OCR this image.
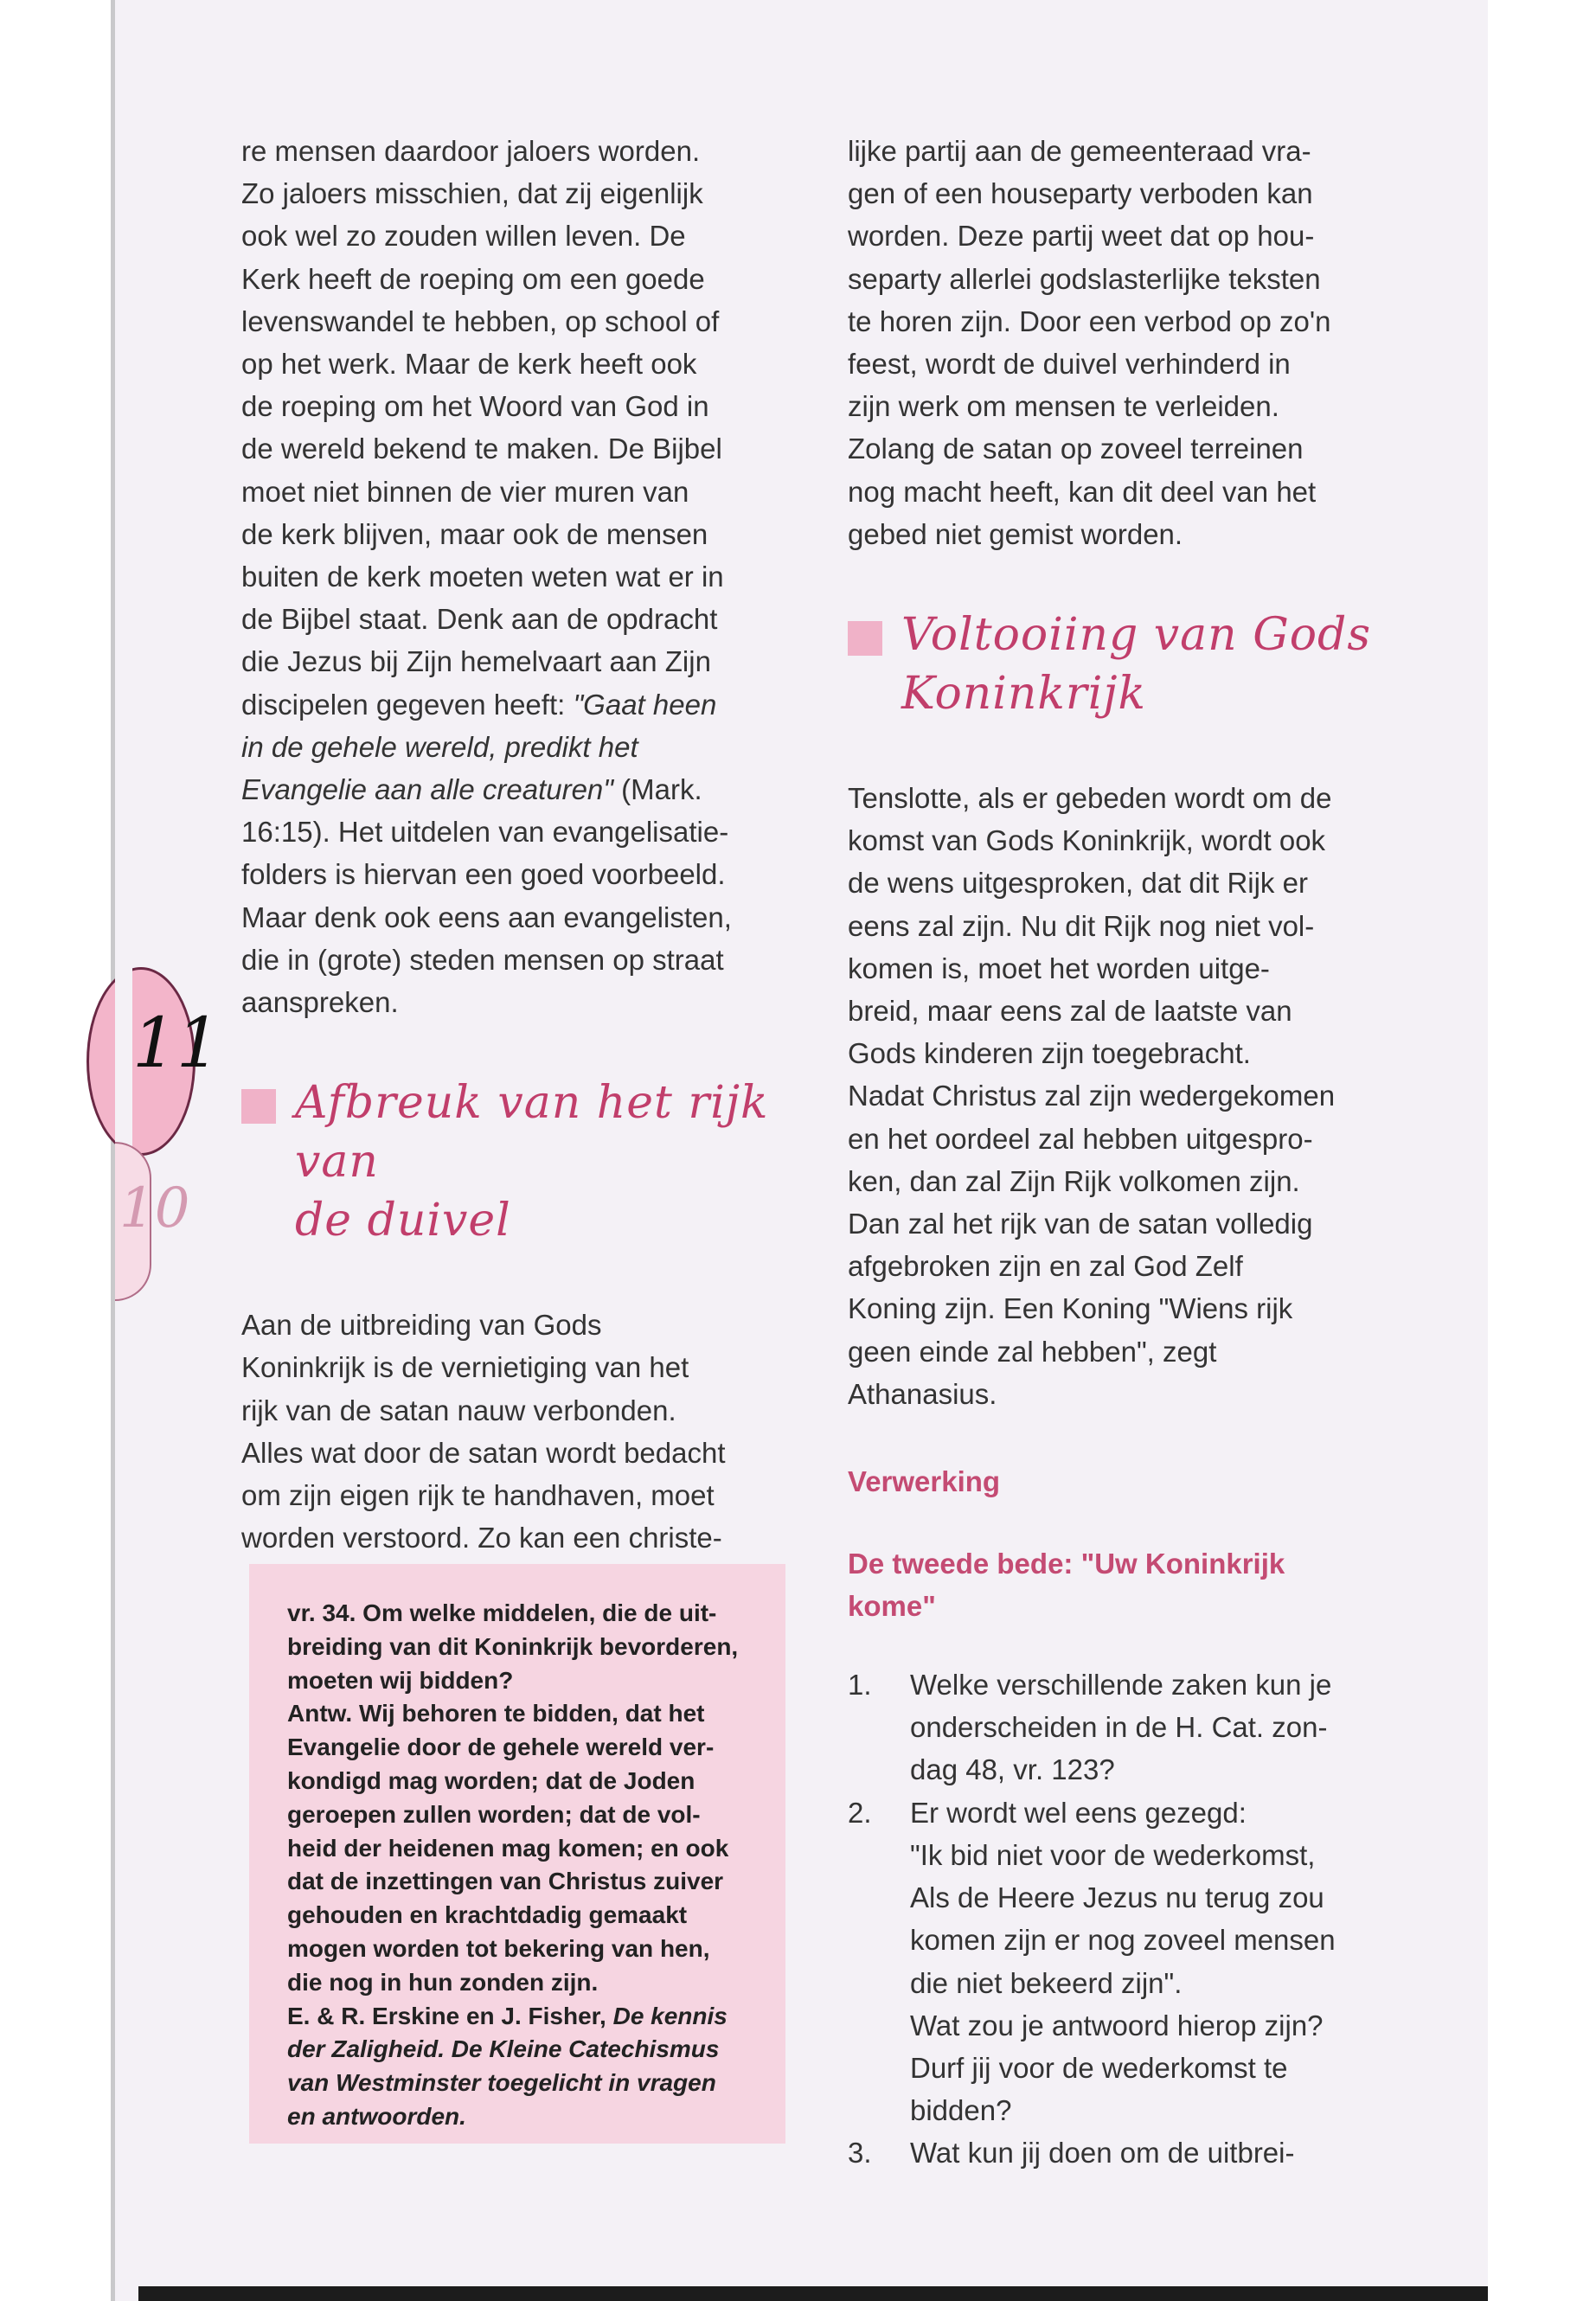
11
10

re mensen daardoor jaloers worden.
Zo jaloers misschien, dat zij eigenlijk
ook wel zo zouden willen leven. De
Kerk heeft de roeping om een goede
levenswandel te hebben, op school of
op het werk. Maar de kerk heeft ook
de roeping om het Woord van God in
de wereld bekend te maken. De Bijbel
moet niet binnen de vier muren van
de kerk blijven, maar ook de mensen
buiten de kerk moeten weten wat er in
de Bijbel staat. Denk aan de opdracht
die Jezus bij Zijn hemelvaart aan Zijn
discipelen gegeven heeft: "Gaat heen
in de gehele wereld, predikt het
Evangelie aan alle creaturen" (Mark.
16:15). Het uitdelen van evangelisatie-
folders is hiervan een goed voorbeeld.
Maar denk ook eens aan evangelisten,
die in (grote) steden mensen op straat
aanspreken.

Afbreuk van het rijk van
de duivel

Aan de uitbreiding van Gods
Koninkrijk is de vernietiging van het
rijk van de satan nauw verbonden.
Alles wat door de satan wordt bedacht
om zijn eigen rijk te handhaven, moet
worden verstoord. Zo kan een christe-

vr. 34. Om welke middelen, die de uit-
breiding van dit Koninkrijk bevorderen,
moeten wij bidden?
Antw. Wij behoren te bidden, dat het
Evangelie door de gehele wereld ver-
kondigd mag worden; dat de Joden
geroepen zullen worden; dat de vol-
heid der heidenen mag komen; en ook
dat de inzettingen van Christus zuiver
gehouden en krachtdadig gemaakt
mogen worden tot bekering van hen,
die nog in hun zonden zijn.
E. & R. Erskine en J. Fisher, De kennis
der Zaligheid. De Kleine Catechismus
van Westminster toegelicht in vragen
en antwoorden.

lijke partij aan de gemeenteraad vra-
gen of een houseparty verboden kan
worden. Deze partij weet dat op hou-
separty allerlei godslasterlijke teksten
te horen zijn. Door een verbod op zo'n
feest, wordt de duivel verhinderd in
zijn werk om mensen te verleiden.
Zolang de satan op zoveel terreinen
nog macht heeft, kan dit deel van het
gebed niet gemist worden.

Voltooiing van Gods
Koninkrijk

Tenslotte, als er gebeden wordt om de
komst van Gods Koninkrijk, wordt ook
de wens uitgesproken, dat dit Rijk er
eens zal zijn. Nu dit Rijk nog niet vol-
komen is, moet het worden uitge-
breid, maar eens zal de laatste van
Gods kinderen zijn toegebracht.
Nadat Christus zal zijn wedergekomen
en het oordeel zal hebben uitgespro-
ken, dan zal Zijn Rijk volkomen zijn.
Dan zal het rijk van de satan volledig
afgebroken zijn en zal God Zelf
Koning zijn. Een Koning "Wiens rijk
geen einde zal hebben", zegt
Athanasius.

Verwerking
De tweede bede: "Uw Koninkrijk
kome"
1.	Welke verschillende zaken kun je
onderscheiden in de H. Cat. zon-
dag 48, vr. 123?
2.	Er wordt wel eens gezegd:
"Ik bid niet voor de wederkomst,
Als de Heere Jezus nu terug zou
komen zijn er nog zoveel mensen
die niet bekeerd zijn".
Wat zou je antwoord hierop zijn?
Durf jij voor de wederkomst te
bidden?
3.	Wat kun jij doen om de uitbrei-
